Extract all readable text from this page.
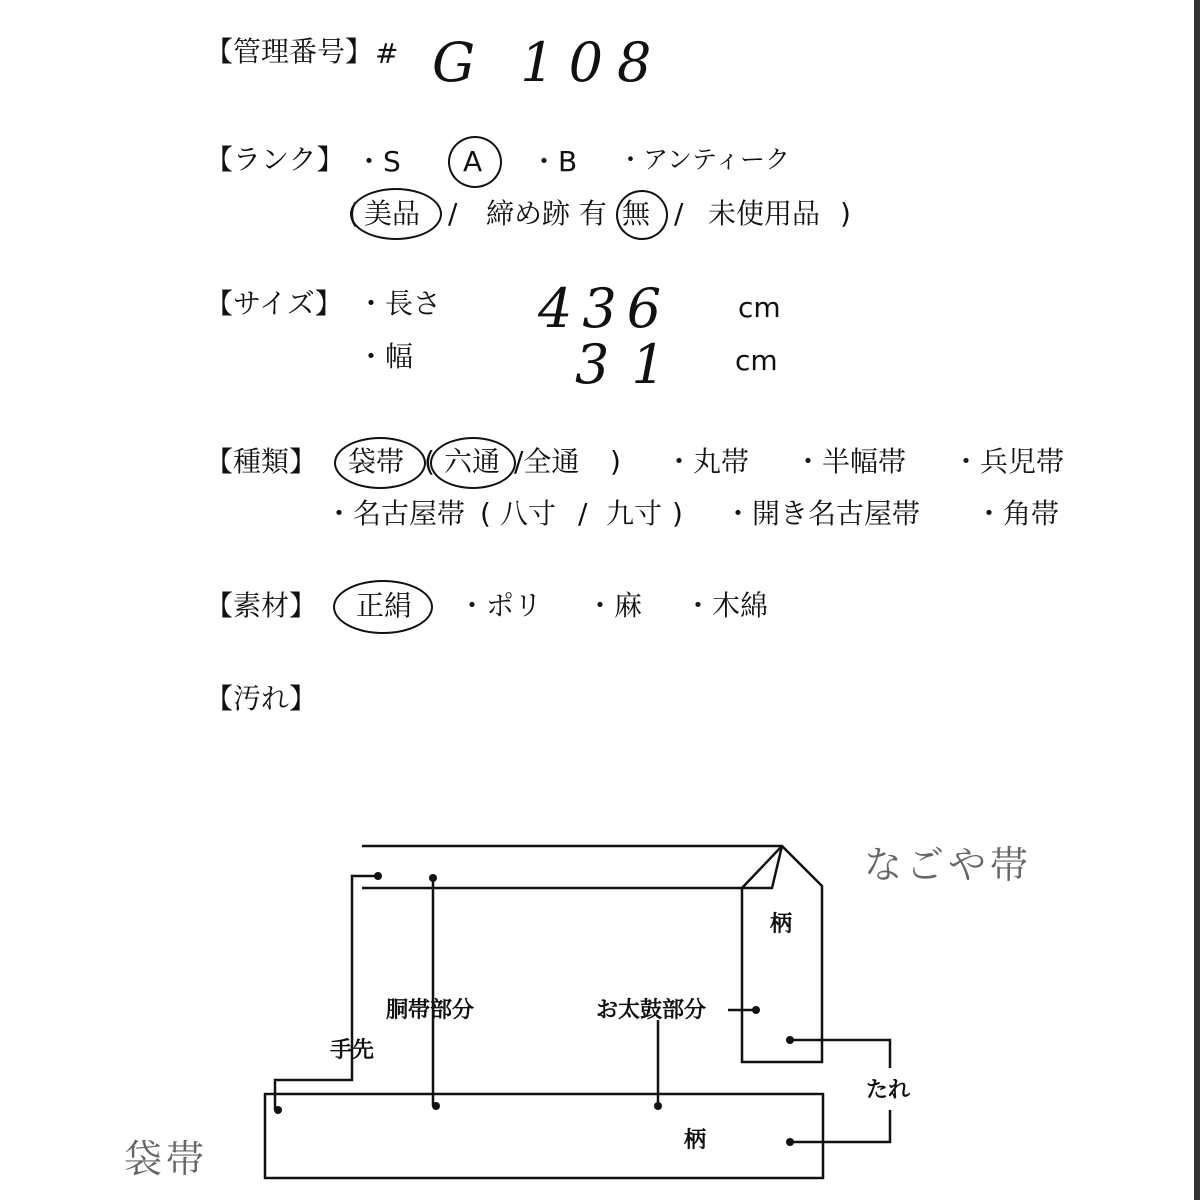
【管理番号】 # G 108
【ランク】 ・S A ・B ・アンティーク
( 美品 / 締め跡 有 無 / 未使用品 )
【サイズ】 ・長さ 436 cm
・幅	31 cm
【種類】 袋帯 ( 六通 /全通 ) ・丸帯 ・半幅帯 ・兵児帯
・名古屋帯 ( 八寸 / 九寸 ) ・開き名古屋帯 ・角帯
【素材】 正絹 ・ポリ ・麻 ・木綿
【汚れ】
なごや帯
袋帯
柄
柄
胴帯部分	お太鼓部分
手先
たれ
